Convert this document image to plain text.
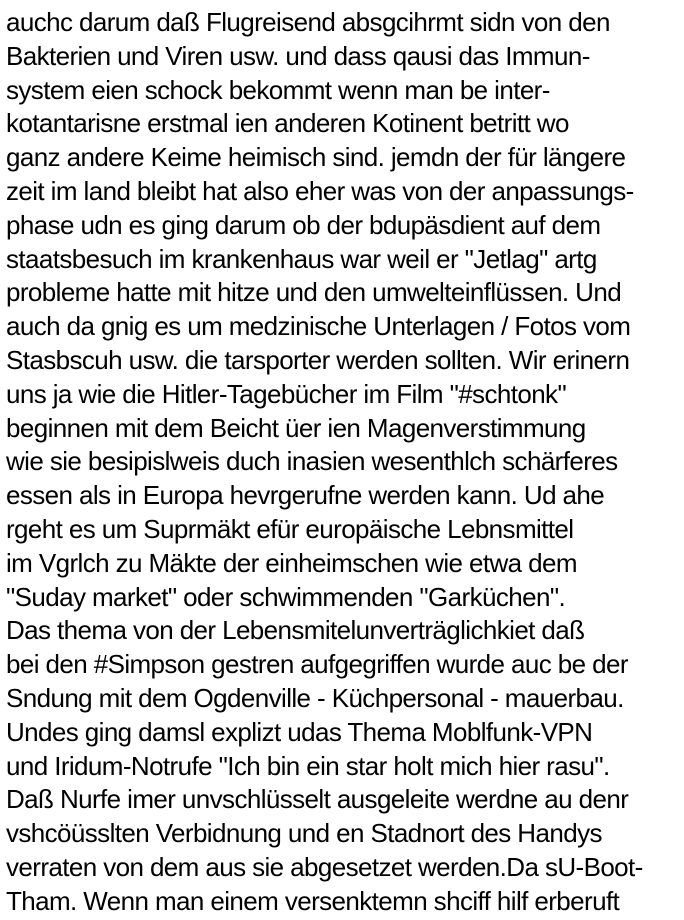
auchc darum daß Flugreisend absgcihrmt sidn von den
Bakterien und Viren usw. und dass qausi das Immun-
system eien schock bekommt wenn man be inter-
kotantarisne erstmal ien anderen Kotinent betritt wo
ganz andere Keime heimisch sind. jemdn der für längere
zeit im land bleibt hat also eher was von der anpassungs-
phase udn es ging darum ob der bdupäsdient auf dem
staatsbesuch im krankenhaus war weil er "Jetlag" artg
probleme hatte mit hitze und den umwelteinflüssen. Und
auch da gnig es um medzinische Unterlagen / Fotos vom
Stasbscuh usw. die tarsporter werden sollten. Wir erinern
uns ja wie die Hitler-Tagebücher im Film "#schtonk"
beginnen mit dem Beicht üer ien Magenverstimmung
wie sie besipislweis duch inasien wesenthlch schärferes
essen als in Europa hevrgerufne werden kann. Ud ahe
rgeht es um Suprmäkt efür europäische Lebnsmittel
im Vgrlch zu Mäkte der einheimschen wie etwa dem
"Suday market" oder schwimmenden "Garküchen".
Das thema von der Lebensmitelunverträglichkiet daß
bei den #Simpson gestren aufgegriffen wurde auc be der
Sndung mit dem Ogdenville - Küchpersonal - mauerbau.
Undes ging damsl explizt udas Thema Moblfunk-VPN
und Iridum-Notrufe "Ich bin ein star holt mich hier rasu".
Daß Nurfe imer unvschlüsselt ausgeleite werdne au denr
vshcöüsslten Verbidnung und en Stadnort des Handys
verraten von dem aus sie abgesetzet werden.Da sU-Boot-
Tham. Wenn man einem versenktemn shciff hilf erberuft
